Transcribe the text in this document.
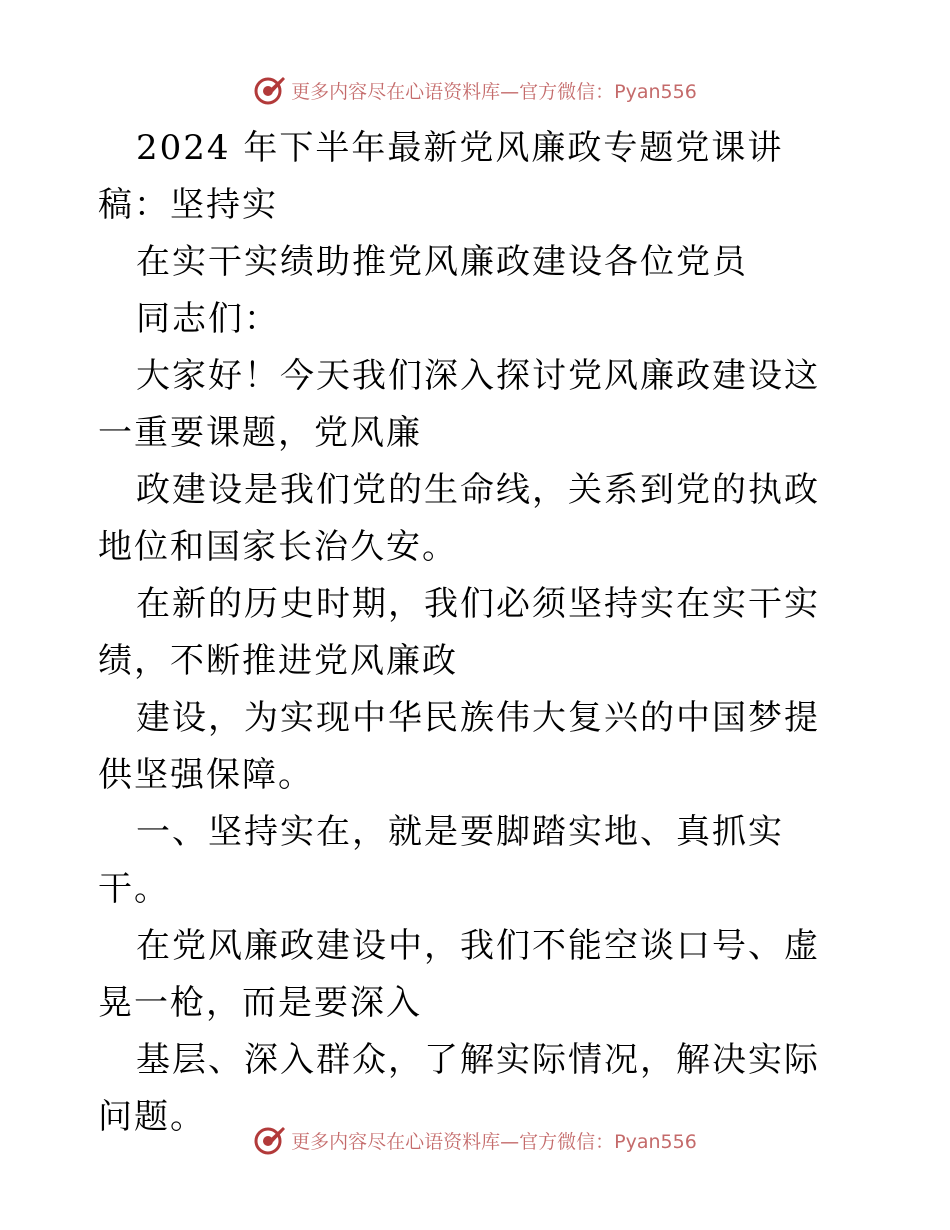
更多内容尽在心语资料库—官方微信：Pyan556

2024 年下半年最新党风廉政专题党课讲稿：坚持实

在实干实绩助推党风廉政建设各位党员

同志们：

大家好！今天我们深入探讨党风廉政建设这一重要课题，党风廉

政建设是我们党的生命线，关系到党的执政地位和国家长治久安。

在新的历史时期，我们必须坚持实在实干实绩，不断推进党风廉政

建设，为实现中华民族伟大复兴的中国梦提供坚强保障。

一、坚持实在，就是要脚踏实地、真抓实干。

在党风廉政建设中，我们不能空谈口号、虚晃一枪，而是要深入

基层、深入群众，了解实际情况，解决实际问题。

更多内容尽在心语资料库—官方微信：Pyan556
